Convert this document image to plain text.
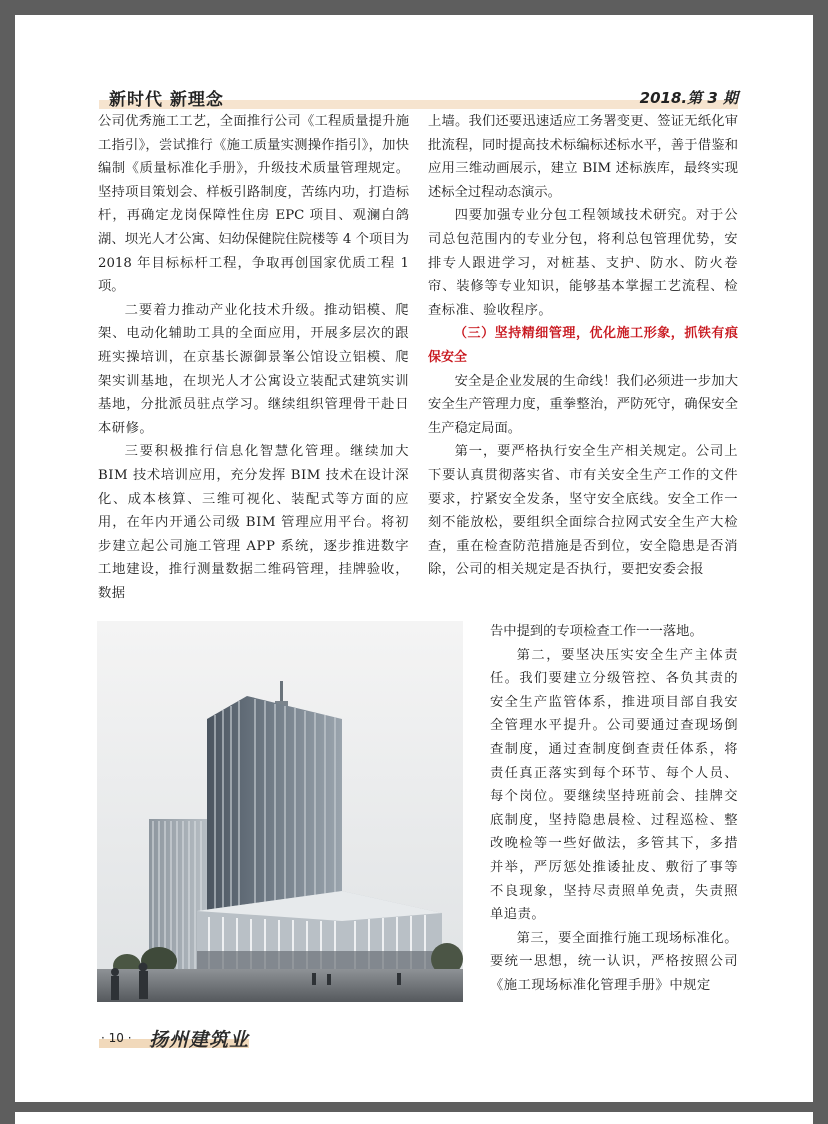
新时代 新理念	2018.第 3 期

公司优秀施工工艺，全面推行公司《工程质量提升施工指引》，尝试推行《施工质量实测操作指引》，加快编制《质量标准化手册》，升级技术质量管理规定。坚持项目策划会、样板引路制度，苦练内功，打造标杆，再确定龙岗保障性住房 EPC 项目、观澜白鸽湖、坝光人才公寓、妇幼保健院住院楼等 4 个项目为 2018 年目标标杆工程，争取再创国家优质工程 1 项。

二要着力推动产业化技术升级。推动铝模、爬架、电动化辅助工具的全面应用，开展多层次的跟班实操培训，在京基长源御景峯公馆设立铝模、爬架实训基地，在坝光人才公寓设立装配式建筑实训基地，分批派员驻点学习。继续组织管理骨干赴日本研修。

三要积极推行信息化智慧化管理。继续加大 BIM 技术培训应用，充分发挥 BIM 技术在设计深化、成本核算、三维可视化、装配式等方面的应用，在年内开通公司级 BIM 管理应用平台。将初步建立起公司施工管理 APP 系统，逐步推进数字工地建设，推行测量数据二维码管理，挂牌验收，数据

上墙。我们还要迅速适应工务署变更、签证无纸化审批流程，同时提高技术标编标述标水平，善于借鉴和应用三维动画展示，建立 BIM 述标族库，最终实现述标全过程动态演示。

四要加强专业分包工程领域技术研究。对于公司总包范围内的专业分包，将利总包管理优势，安排专人跟进学习，对桩基、支护、防水、防火卷帘、装修等专业知识，能够基本掌握工艺流程、检查标准、验收程序。

（三）坚持精细管理，优化施工形象，抓铁有痕保安全

安全是企业发展的生命线！我们必须进一步加大安全生产管理力度，重拳整治，严防死守，确保安全生产稳定局面。

第一，要严格执行安全生产相关规定。公司上下要认真贯彻落实省、市有关安全生产工作的文件要求，拧紧安全发条，坚守安全底线。安全工作一刻不能放松，要组织全面综合拉网式安全生产大检查，重在检查防范措施是否到位，安全隐患是否消除，公司的相关规定是否执行，要把安委会报

告中提到的专项检查工作一一落地。

第二，要坚决压实安全生产主体责任。我们要建立分级管控、各负其责的安全生产监管体系，推进项目部自我安全管理水平提升。公司要通过查现场倒查制度，通过查制度倒查责任体系，将责任真正落实到每个环节、每个人员、每个岗位。要继续坚持班前会、挂牌交底制度，坚持隐患晨检、过程巡检、整改晚检等一些好做法，多管其下，多措并举，严厉惩处推诿扯皮、敷衍了事等不良现象，坚持尽责照单免责，失责照单追责。

第三，要全面推行施工现场标准化。要统一思想，统一认识，严格按照公司《施工现场标准化管理手册》中规定

· 10 · 扬州建筑业
